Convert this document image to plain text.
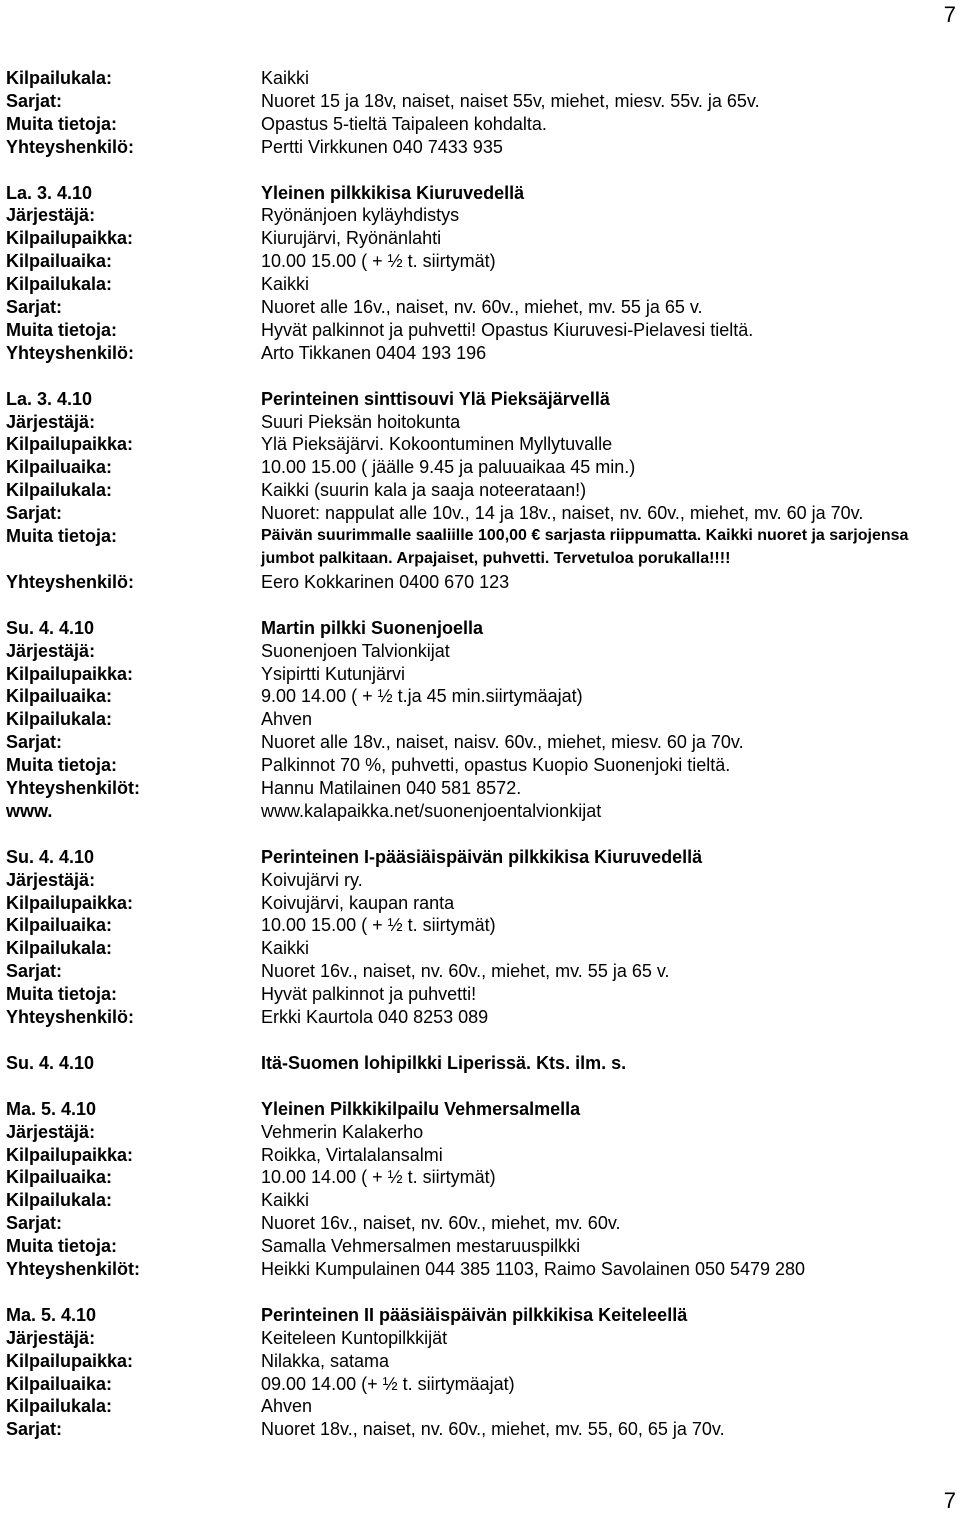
7
Kilpailukala:	Kaikki
Sarjat:	Nuoret 15 ja 18v, naiset, naiset 55v, miehet, miesv. 55v. ja 65v.
Muita tietoja:	Opastus 5-tieltä Taipaleen kohdalta.
Yhteyshenkilö:	Pertti Virkkunen 040 7433 935
La. 3. 4.10	Yleinen pilkkikisa Kiuruvedellä
Järjestäjä:	Ryönänjoen kyläyhdistys
Kilpailupaikka:	Kiurujärvi, Ryönänlahti
Kilpailuaika:	10.00 15.00 ( + ½ t. siirtymät)
Kilpailukala:	Kaikki
Sarjat:	Nuoret alle 16v., naiset, nv. 60v., miehet, mv. 55 ja 65 v.
Muita tietoja:	Hyvät palkinnot ja puhvetti! Opastus Kiuruvesi-Pielavesi tieltä.
Yhteyshenkilö:	Arto Tikkanen 0404 193 196
La. 3. 4.10	Perinteinen sinttisouvi Ylä Pieksäjärvellä
Järjestäjä:	Suuri Pieksän hoitokunta
Kilpailupaikka:	Ylä Pieksäjärvi. Kokoontuminen Myllytuvalle
Kilpailuaika:	10.00 15.00 ( jäälle 9.45 ja paluuaikaa 45 min.)
Kilpailukala:	Kaikki (suurin kala ja saaja noteerataan!)
Sarjat:	Nuoret: nappulat alle 10v., 14 ja 18v., naiset, nv. 60v., miehet, mv. 60 ja 70v.
Muita tietoja:	Päivän suurimmalle saaliille 100,00 € sarjasta riippumatta. Kaikki nuoret ja sarjojensa jumbot palkitaan. Arpajaiset, puhvetti. Tervetuloa porukalla!!!!
Yhteyshenkilö:	Eero Kokkarinen 0400 670 123
Su. 4. 4.10	Martin pilkki Suonenjoella
Järjestäjä:	Suonenjoen Talvionkijat
Kilpailupaikka:	Ysipirtti Kutunjärvi
Kilpailuaika:	9.00 14.00 ( + ½ t.ja 45 min.siirtymäajat)
Kilpailukala:	Ahven
Sarjat:	Nuoret alle 18v., naiset, naisv. 60v., miehet, miesv. 60 ja 70v.
Muita tietoja:	Palkinnot 70 %, puhvetti, opastus Kuopio Suonenjoki tieltä.
Yhteyshenkilöt:	Hannu Matilainen 040 581 8572.
www.	www.kalapaikka.net/suonenjoentalvionkijat
Su. 4. 4.10	Perinteinen I-pääsiäispäivän pilkkikisa Kiuruvedellä
Järjestäjä:	Koivujärvi ry.
Kilpailupaikka:	Koivujärvi, kaupan ranta
Kilpailuaika:	10.00 15.00 ( + ½ t. siirtymät)
Kilpailukala:	Kaikki
Sarjat:	Nuoret 16v., naiset, nv. 60v., miehet, mv. 55 ja 65 v.
Muita tietoja:	Hyvät palkinnot ja puhvetti!
Yhteyshenkilö:	Erkki Kaurtola 040 8253 089
Su. 4. 4.10	Itä-Suomen lohipilkki Liperissä. Kts. ilm. s.
Ma. 5. 4.10	Yleinen Pilkkikilpailu Vehmersalmella
Järjestäjä:	Vehmerin Kalakerho
Kilpailupaikka:	Roikka, Virtalalansalmi
Kilpailuaika:	10.00 14.00 ( + ½ t. siirtymät)
Kilpailukala:	Kaikki
Sarjat:	Nuoret 16v., naiset, nv. 60v., miehet, mv. 60v.
Muita tietoja:	Samalla Vehmersalmen mestaruuspilkki
Yhteyshenkilöt:	Heikki Kumpulainen 044 385 1103, Raimo Savolainen 050 5479 280
Ma. 5. 4.10	Perinteinen II pääsiäispäivän pilkkikisa Keiteleellä
Järjestäjä:	Keiteleen Kuntopilkkijät
Kilpailupaikka:	Nilakka, satama
Kilpailuaika:	09.00 14.00 (+ ½ t. siirtymäajat)
Kilpailukala:	Ahven
Sarjat:	Nuoret 18v., naiset, nv. 60v., miehet, mv. 55, 60, 65 ja 70v.
7
